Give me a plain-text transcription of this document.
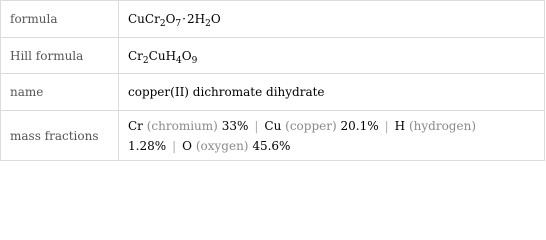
formula	$CuCr_2O_7\cdot 2H_2O$
Hill formula	$Cr_2CuH_4O_9$
name	copper(II) dichromate dihydrate
mass fractions	Cr (chromium) 33% | Cu (copper) 20.1% | H (hydrogen)
1.28% | O (oxygen) 45.6%
